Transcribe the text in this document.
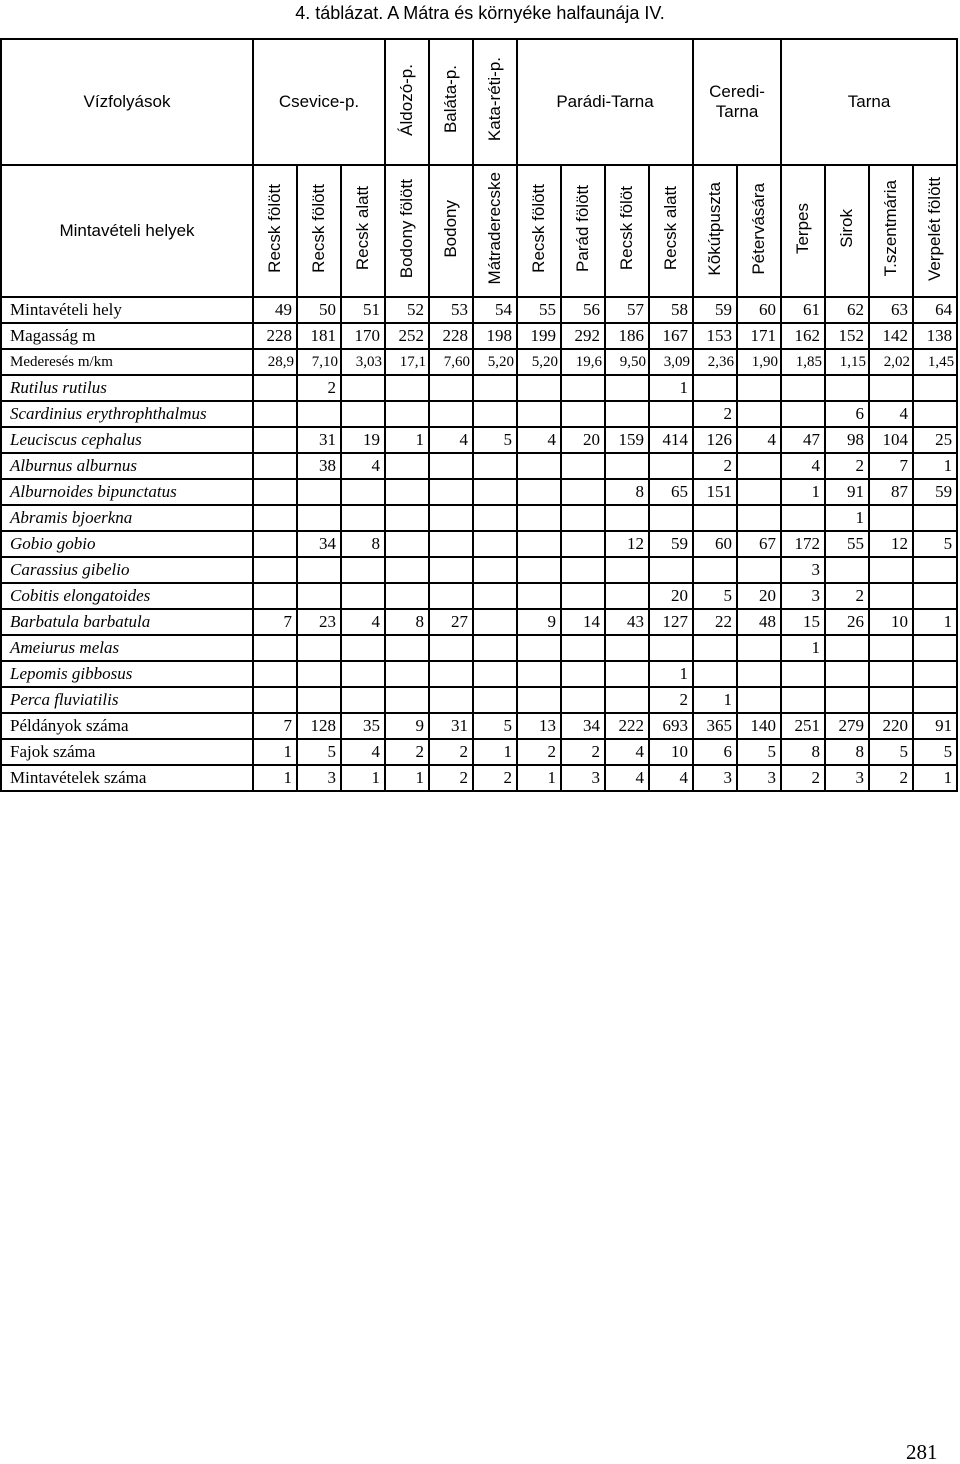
4. táblázat. A Mátra és környéke halfaunája IV.
Vízfolyások	Csevice-p.			Áldozó-p.	Baláta-p.	Kata-réti-p.	Parádi-Tarna				Ceredi-Tarna		Tarna			
Mintavételi helyek	Recsk fölött	Recsk fölött	Recsk alatt	Bodony fölött	Bodony	Mátraderecske	Recsk fölött	Parád fölött	Recsk fölöt	Recsk alatt	Kõkútpuszta	Pétervására	Terpes	Sirok	T.szentmária	Verpelét fölött
Mintavételi hely	49	50	51	52	53	54	55	56	57	58	59	60	61	62	63	64
Magasság m	228	181	170	252	228	198	199	292	186	167	153	171	162	152	142	138
Mederesés m/km	28,9	7,10	3,03	17,1	7,60	5,20	5,20	19,6	9,50	3,09	2,36	1,90	1,85	1,15	2,02	1,45
Rutilus rutilus		2								1						
Scardinius erythrophthalmus											2			6	4	
Leuciscus cephalus		31	19	1	4	5	4	20	159	414	126	4	47	98	104	25
Alburnus alburnus		38	4								2		4	2	7	1
Alburnoides bipunctatus									8	65	151		1	91	87	59
Abramis bjoerkna														1		
Gobio gobio		34	8						12	59	60	67	172	55	12	5
Carassius gibelio													3			
Cobitis elongatoides										20	5	20	3	2		
Barbatula barbatula	7	23	4	8	27		9	14	43	127	22	48	15	26	10	1
Ameiurus melas													1			
Lepomis gibbosus										1						
Perca fluviatilis										2	1					
Példányok száma	7	128	35	9	31	5	13	34	222	693	365	140	251	279	220	91
Fajok száma	1	5	4	2	2	1	2	2	4	10	6	5	8	8	5	5
Mintavételek száma	1	3	1	1	2	2	1	3	4	4	3	3	2	3	2	1
281
